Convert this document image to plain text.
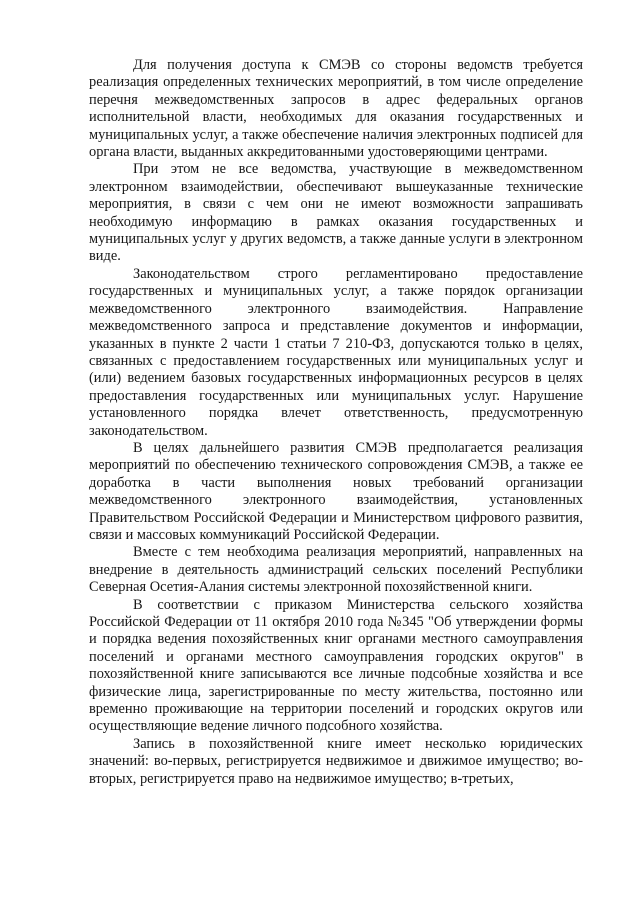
Для получения доступа к СМЭВ со стороны ведомств требуется реализация определенных технических мероприятий, в том числе определение перечня межведомственных запросов в адрес федеральных органов исполнительной власти, необходимых для оказания государственных и муниципальных услуг, а также обеспечение наличия электронных подписей для органа власти, выданных аккредитованными удостоверяющими центрами.

При этом не все ведомства, участвующие в межведомственном электронном взаимодействии, обеспечивают вышеуказанные технические мероприятия, в связи с чем они не имеют возможности запрашивать необходимую информацию в рамках оказания государственных и муниципальных услуг у других ведомств, а также данные услуги в электронном виде.

Законодательством строго регламентировано предоставление государственных и муниципальных услуг, а также порядок организации межведомственного электронного взаимодействия. Направление межведомственного запроса и представление документов и информации, указанных в пункте 2 части 1 статьи 7 210-ФЗ, допускаются только в целях, связанных с предоставлением государственных или муниципальных услуг и (или) ведением базовых государственных информационных ресурсов в целях предоставления государственных или муниципальных услуг. Нарушение установленного порядка влечет ответственность, предусмотренную законодательством.

В целях дальнейшего развития СМЭВ предполагается реализация мероприятий по обеспечению технического сопровождения СМЭВ, а также ее доработка в части выполнения новых требований организации межведомственного электронного взаимодействия, установленных Правительством Российской Федерации и Министерством цифрового развития, связи и массовых коммуникаций Российской Федерации.

Вместе с тем необходима реализация мероприятий, направленных на внедрение в деятельность администраций сельских поселений Республики Северная Осетия-Алания системы электронной похозяйственной книги.

В соответствии с приказом Министерства сельского хозяйства Российской Федерации от 11 октября 2010 года №345 "Об утверждении формы и порядка ведения похозяйственных книг органами местного самоуправления поселений и органами местного самоуправления городских округов" в похозяйственной книге записываются все личные подсобные хозяйства и все физические лица, зарегистрированные по месту жительства, постоянно или временно проживающие на территории поселений и городских округов или осуществляющие ведение личного подсобного хозяйства.

Запись в похозяйственной книге имеет несколько юридических значений: во-первых, регистрируется недвижимое и движимое имущество; во-вторых, регистрируется право на недвижимое имущество; в-третьих,
